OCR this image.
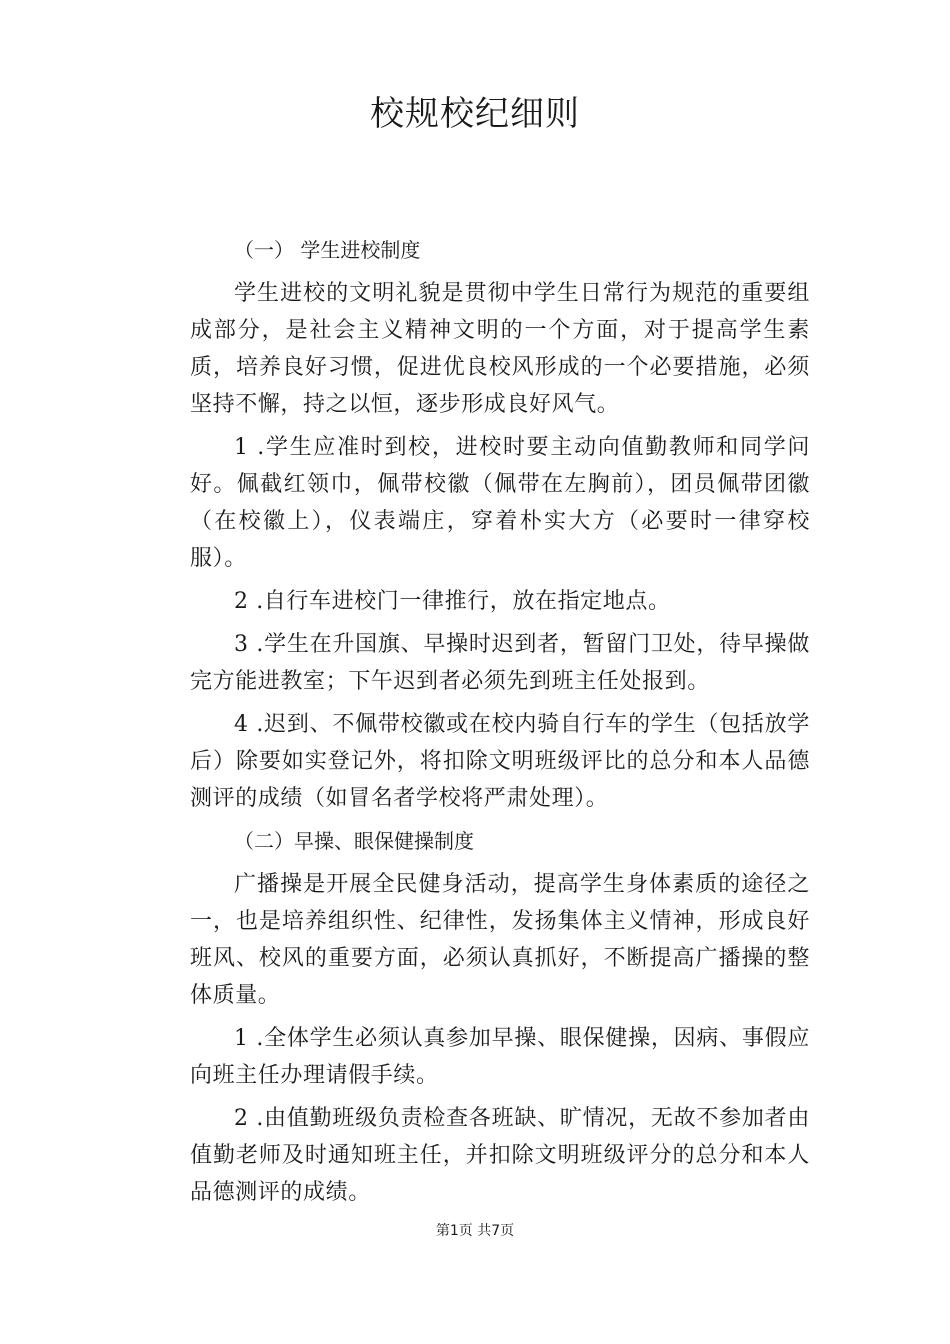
校规校纪细则

（一） 学生进校制度

学生进校的文明礼貌是贯彻中学生日常行为规范的重要组成部分，是社会主义精神文明的一个方面，对于提高学生素质，培养良好习惯，促进优良校风形成的一个必要措施，必须坚持不懈，持之以恒，逐步形成良好风气。

1 .学生应准时到校，进校时要主动向值勤教师和同学问好。佩截红领巾，佩带校徽（佩带在左胸前），团员佩带团徽（在校徽上），仪表端庄，穿着朴实大方（必要时一律穿校服）。

2 .自行车进校门一律推行，放在指定地点。

3 .学生在升国旗、早操时迟到者，暂留门卫处，待早操做完方能进教室；下午迟到者必须先到班主任处报到。

4 .迟到、不佩带校徽或在校内骑自行车的学生（包括放学后）除要如实登记外，将扣除文明班级评比的总分和本人品德测评的成绩（如冒名者学校将严肃处理）。

（二）早操、眼保健操制度

广播操是开展全民健身活动，提高学生身体素质的途径之一，也是培养组织性、纪律性，发扬集体主义情神，形成良好班风、校风的重要方面，必须认真抓好，不断提高广播操的整体质量。

1 .全体学生必须认真参加早操、眼保健操，因病、事假应向班主任办理请假手续。

2 .由值勤班级负责检查各班缺、旷情况，无故不参加者由值勤老师及时通知班主任，并扣除文明班级评分的总分和本人品德测评的成绩。

第1页 共7页
